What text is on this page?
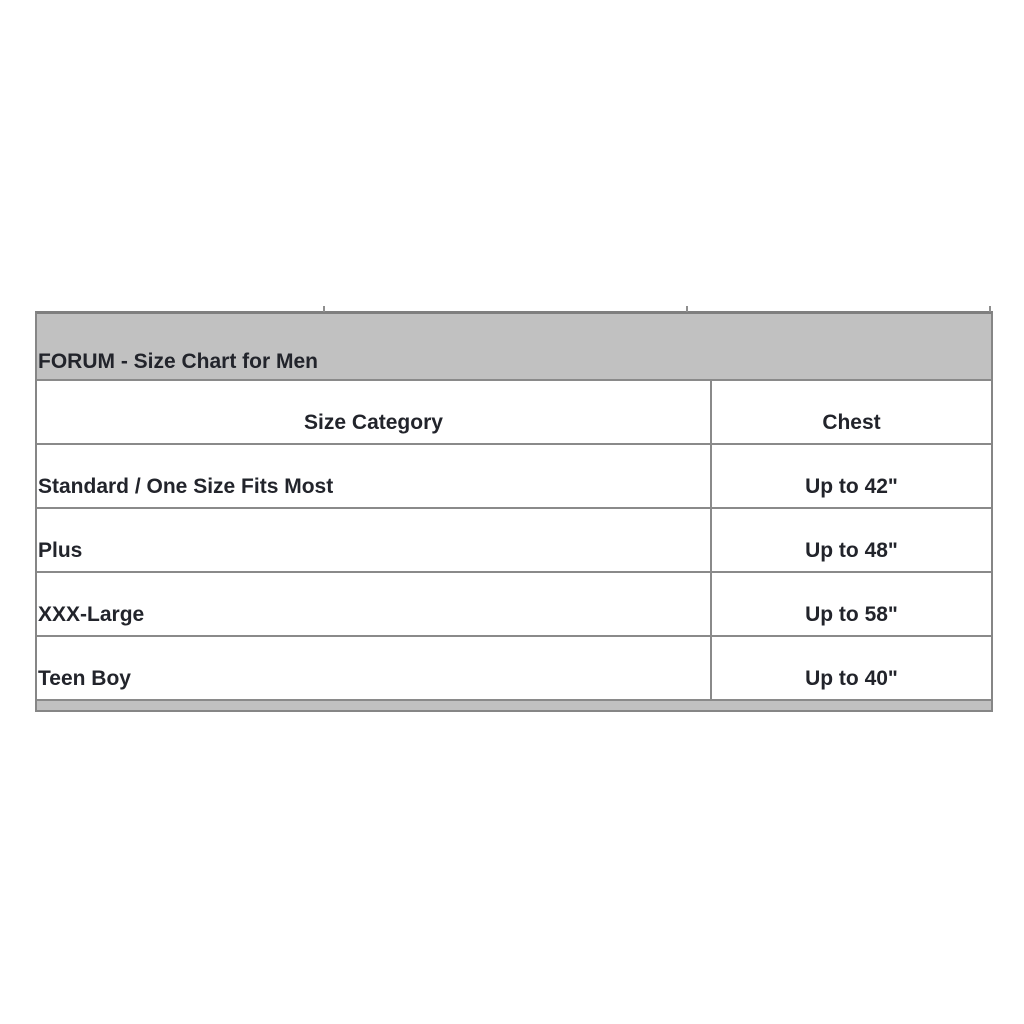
FORUM - Size Chart for Men
Size Category	Chest
Standard / One Size Fits Most	Up to 42"
Plus	Up to 48"
XXX-Large	Up to 58"
Teen Boy	Up to 40"
